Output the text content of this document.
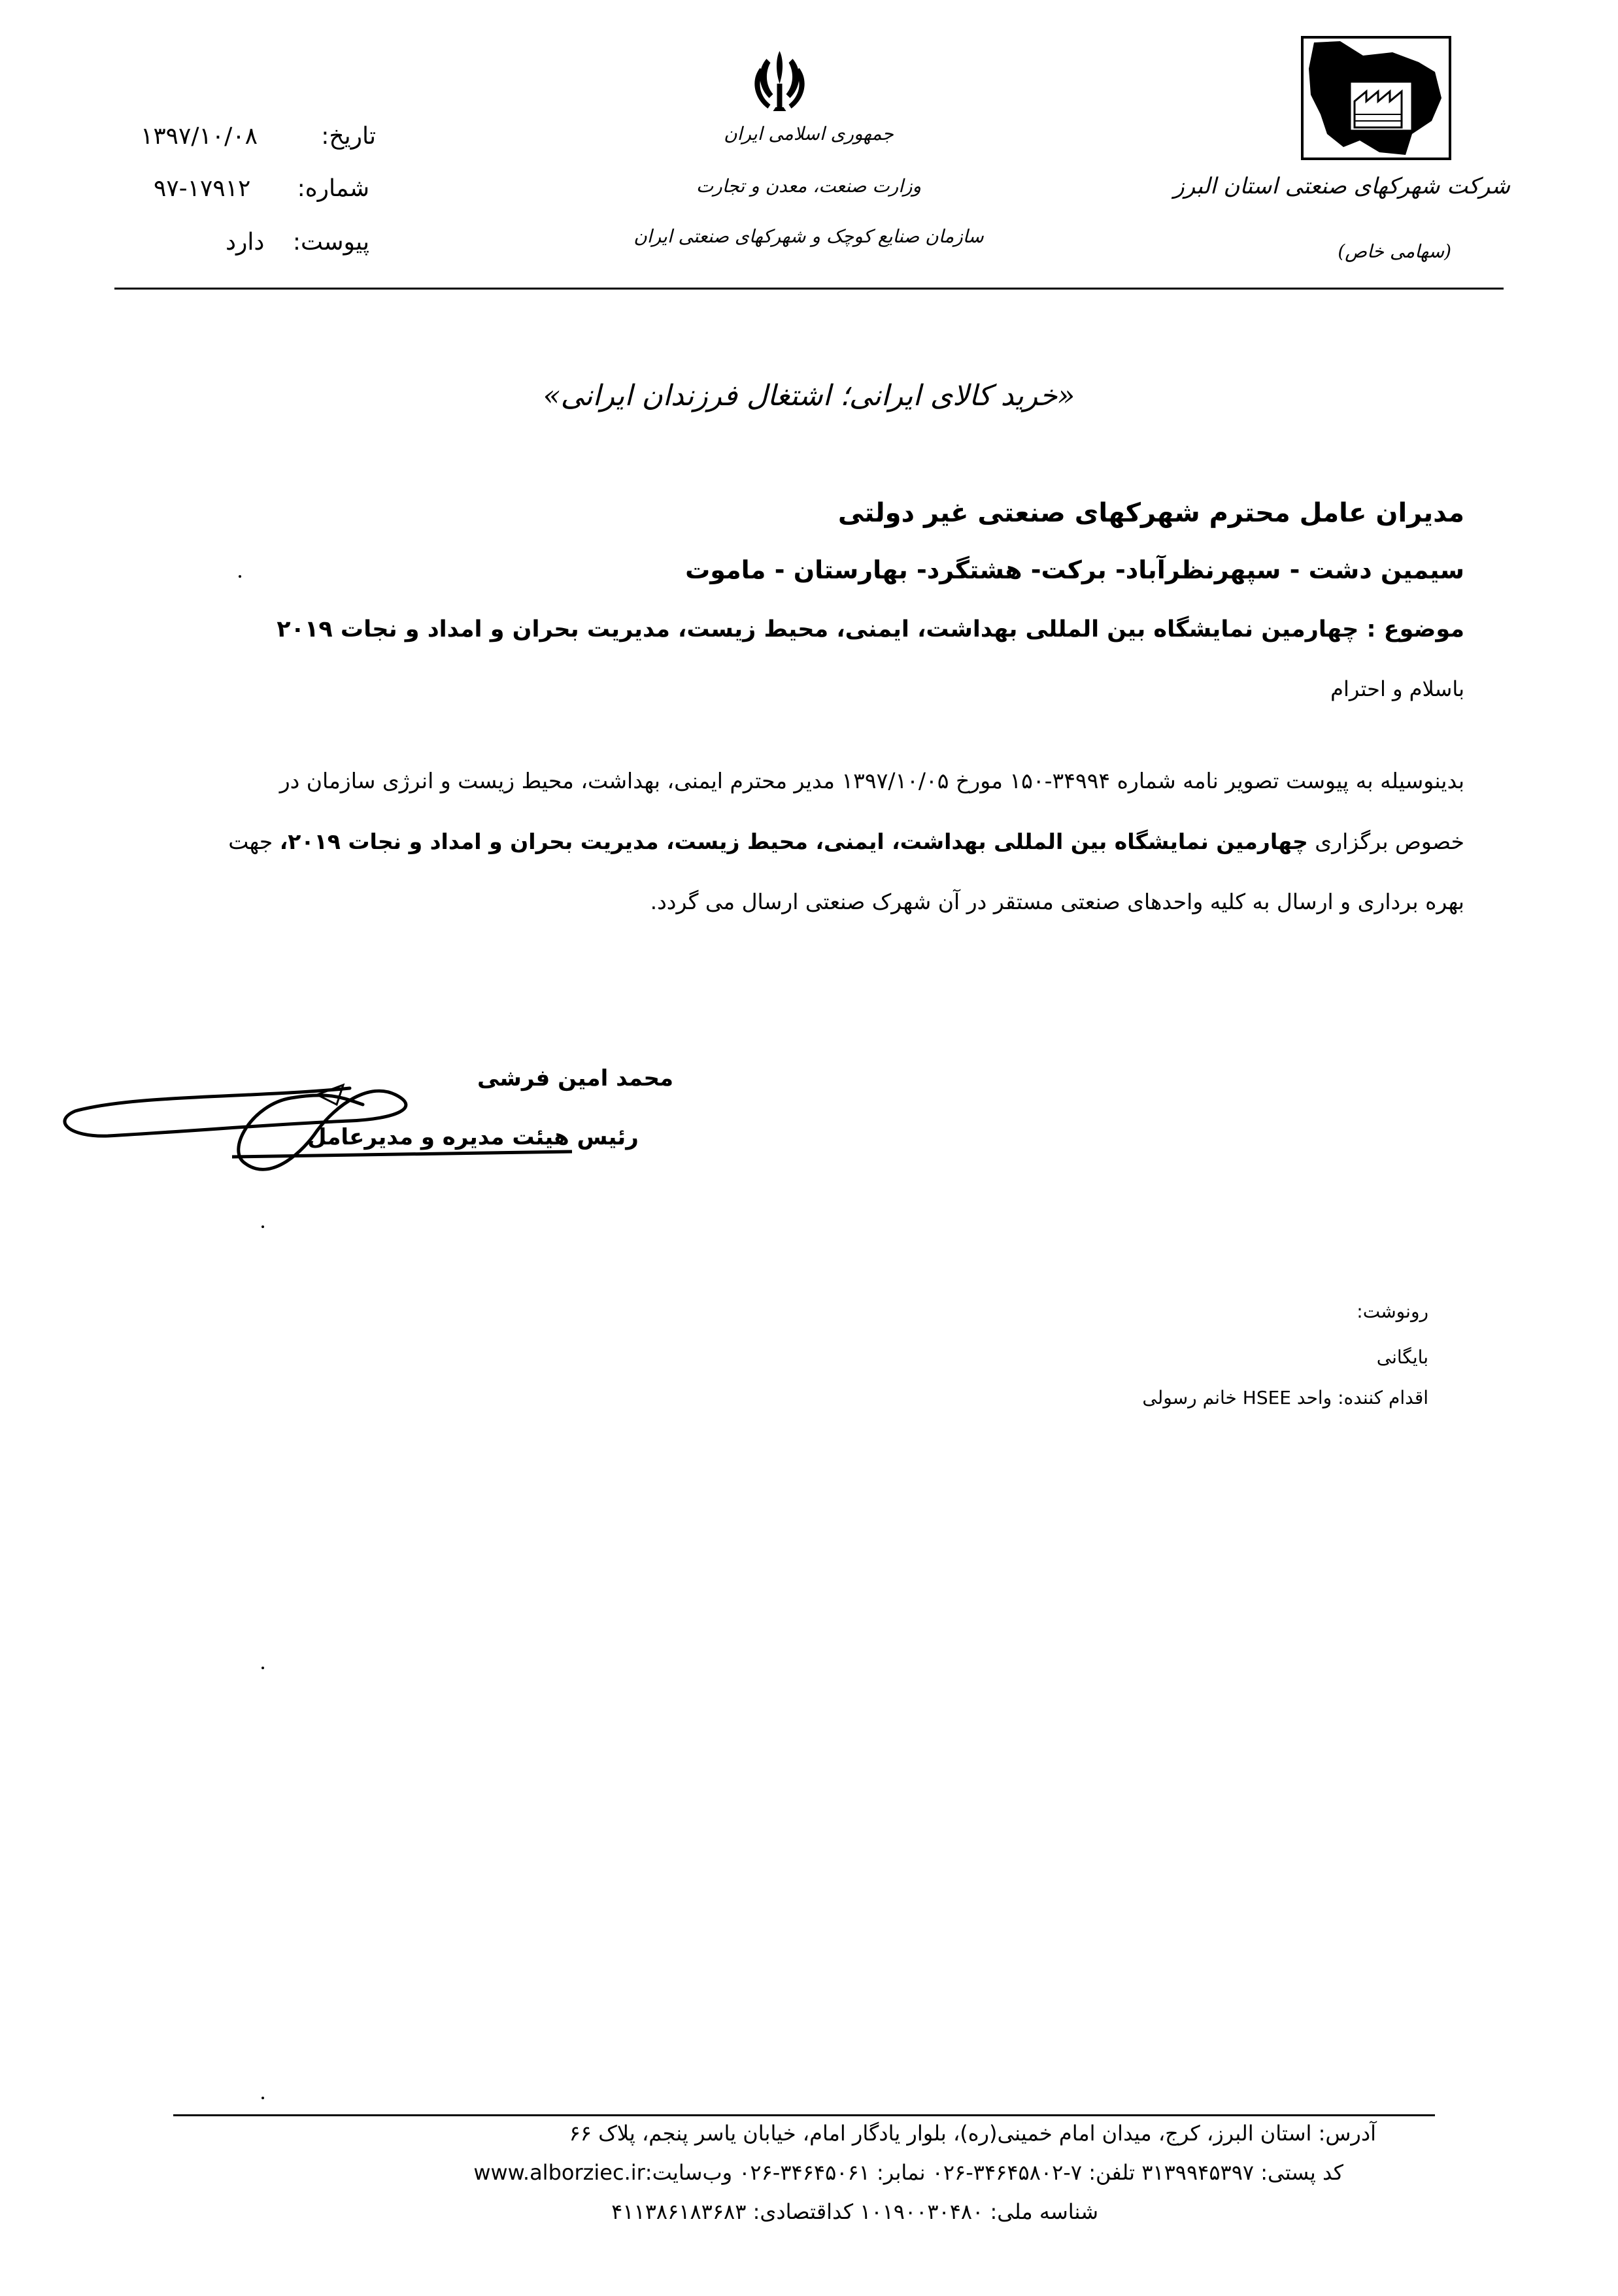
تاریخ:
۱۳۹۷/۱۰/۰۸
شماره:
۹۷-۱۷۹۱۲
پیوست:
دارد
جمهوری اسلامی ایران
وزارت صنعت، معدن و تجارت
سازمان صنایع کوچک و شهرکهای صنعتی ایران
شرکت شهرکهای صنعتی استان البرز
(سهامی خاص)
«خرید کالای ایرانی؛ اشتغال فرزندان ایرانی»
مدیران عامل محترم شهرکهای صنعتی غیر دولتی
سیمین دشت - سپهرنظرآباد- برکت- هشتگرد- بهارستان - ماموت
موضوع : چهارمین نمایشگاه بین المللی بهداشت، ایمنی، محیط زیست، مدیریت بحران و امداد و نجات ۲۰۱۹
باسلام و احترام
بدینوسیله به پیوست تصویر نامه شماره ۳۴۹۹۴-۱۵۰ مورخ ۱۳۹۷/۱۰/۰۵ مدیر محترم ایمنی، بهداشت، محیط زیست و انرژی سازمان در
خصوص برگزاری چهارمین نمایشگاه بین المللی بهداشت، ایمنی، محیط زیست، مدیریت بحران و امداد و نجات ۲۰۱۹، جهت
بهره برداری و ارسال به کلیه واحدهای صنعتی مستقر در آن شهرک صنعتی ارسال می گردد.
محمد امین فرشی
رئیس هیئت مدیره و مدیرعامل
رونوشت:
بایگانی
اقدام کننده: واحد HSEE خانم رسولی
آدرس: استان البرز، کرج، میدان امام خمینی(ره)، بلوار یادگار امام، خیابان یاسر پنجم، پلاک ۶۶
کد پستی: ۳۱۳۹۹۴۵۳۹۷ تلفن: ۷-۳۴۶۴۵۸۰۲-۰۲۶ نمابر: ۳۴۶۴۵۰۶۱-۰۲۶ وب‌سایت:www.alborziec.ir
شناسه ملی: ۱۰۱۹۰۰۳۰۴۸۰ کداقتصادی: ۴۱۱۳۸۶۱۸۳۶۸۳
